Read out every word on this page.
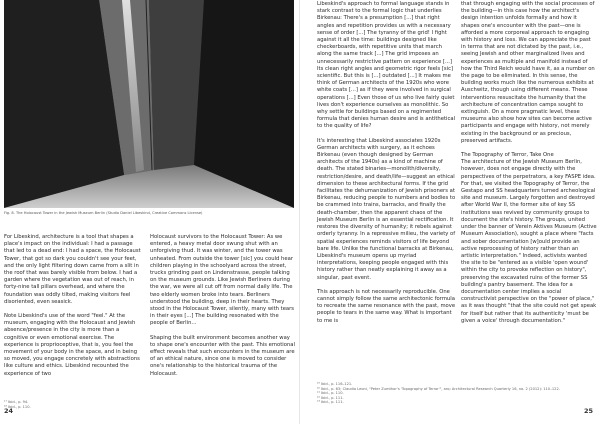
Fig. 8. The Holocaust Tower in the Jewish Museum Berlin (Studio Daniel Libeskind, Creative Commons License)

For Libeskind, architecture is a tool that shapes a place's impact on the individual: I had a passage that led to a dead end: I had a space, the Holocaust Tower, that got so dark you couldn't see your feet, and the only light filtering down came from a slit in the roof that was barely visible from below. I had a garden where the vegetation was out of reach, in forty-nine tall pillars overhead, and where the foundation was oddly tilted, making visitors feel disoriented, even seasick.

Note Libeskind's use of the word "feel." At the museum, engaging with the Holocaust and Jewish absence/presence in the city is more than a cognitive or even emotional exercise. The experience is proprioceptive, that is, you feel the movement of your body in the space, and in being so moved, you engage concretely with abstractions like culture and ethics. Libeskind recounted the experience of two

Holocaust survivors to the Holocaust Tower: As we entered, a heavy metal door swung shut with an unforgiving thud. It was winter, and the tower was unheated. From outside the tower [sic] you could hear children playing in the schoolyard across the street, trucks grinding past on Lindenstrasse, people talking on the museum grounds. Like Jewish Berliners during the war, we were all cut off from normal daily life. The two elderly women broke into tears. Berliners understood the building, deep in their hearts. They stood in the Holocaust Tower, silently, many with tears in their eyes [...] The building resonated with the people of Berlin...

Shaping the built environment becomes another way to shape one's encounter with the past. This emotional effect reveals that such encounters in the museum are of an ethical nature, since one is moved to consider one's relationship to the historical trauma of the Holocaust.

¹⁷ Ibid., p. 94.
¹⁸ Ibid., p. 110.
24

Libeskind's approach to formal language stands in stark contrast to the formal logic that underlies Birkenau: There's a presumption [...] that right angles and repetition provides us with a necessary sense of order [...] The tyranny of the grid! I fight against it all the time: buildings designed like checkerboards, with repetitive units that march along the same track [...] The grid imposes an unnecessarily restrictive pattern on experience [...] Its clean right angles and geometric rigor feels [sic] scientific. But this is [...] outdated [...] It makes me think of German architects of the 1920s who wore white coats [...] as if they were involved in surgical operations [...] Even those of us who live fairly quiet lives don't experience ourselves as monolithic. So why settle for buildings based on a regimented formula that denies human desire and is antithetical to the quality of life?

It's interesting that Libeskind associates 1920s German architects with surgery, as it echoes Birkenau (even though designed by German architects of the 1940s) as a kind of machine of death. The stated binaries—monolith/diversity, restriction/desire, and death/life—suggest an ethical dimension to these architectural forms. If the grid facilitates the dehumanization of Jewish prisoners at Birkenau, reducing people to numbers and bodies to be crammed into trains, barracks, and finally the death-chamber, then the apparent chaos of the Jewish Museum Berlin is an essential rectification. It restores the diversity of humanity; it rebels against orderly tyranny. In a repressive milieu, the variety of spatial experiences reminds visitors of life beyond bare life. Unlike the functional barracks at Birkenau, Libeskind's museum opens up myriad interpretations, keeping people engaged with this history rather than neatly explaining it away as a singular, past event.

This approach is not necessarily reproducible. One cannot simply follow the same architectonic formula to recreate the same resonance with the past, move people to tears in the same way. What is important to me is

that through engaging with the social processes of the building—in this case how the architect's design intention unfolds formally and how it shapes one's encounter with the past—one is afforded a more corporeal approach to engaging with history and loss. We can appreciate the past in terms that are not dictated by the past, i.e., seeing Jewish and other marginalized lives and experiences as multiple and manifold instead of how the Third Reich would have it, as a number on the page to be eliminated. In this sense, the building works much like the numerous exhibits at Auschwitz, though using different means. These interventions resuscitate the humanity that the architecture of concentration camps sought to extinguish. On a more pragmatic level, these museums also show how sites can become active participants and engage with history, not merely existing in the background or as precious, preserved artifacts.

The Topography of Terror, Take One

The architecture of the Jewish Museum Berlin, however, does not engage directly with the perspectives of the perpetrators, a key FASPE idea. For that, we visited the Topography of Terror, the Gestapo and SS headquarters turned archeological site and museum. Largely forgotten and destroyed after World War II, the former site of key SS institutions was revived by community groups to document the site's history. The groups, united under the banner of Verein Aktives Museum (Active Museum Association), sought a place where "facts and sober documentation [w]ould provide an active reprocessing of history rather than an artistic interpretation." Indeed, activists wanted the site to be "entered as a visible 'open wound' within the city to provoke reflection on history", preserving the excavated ruins of the former SS building's pantry basement. The idea for a documentation center implies a social constructivist perspective on the "power of place," as it was thought "that the site could not get speak for itself but rather that its authenticity 'must be given a voice' through documentation."

¹⁹ Ibid., p. 116–121.
²⁰ Ibid., p. 63; Claudio Leoni, "Peter Zumthor's 'Topography of Terror'", arq: Architectural Research Quarterly 16, no. 2 (2012): 110–122.
²¹ Ibid., p. 110.
²² Ibid., p. 111.
²³ Ibid., p. 111.
25
